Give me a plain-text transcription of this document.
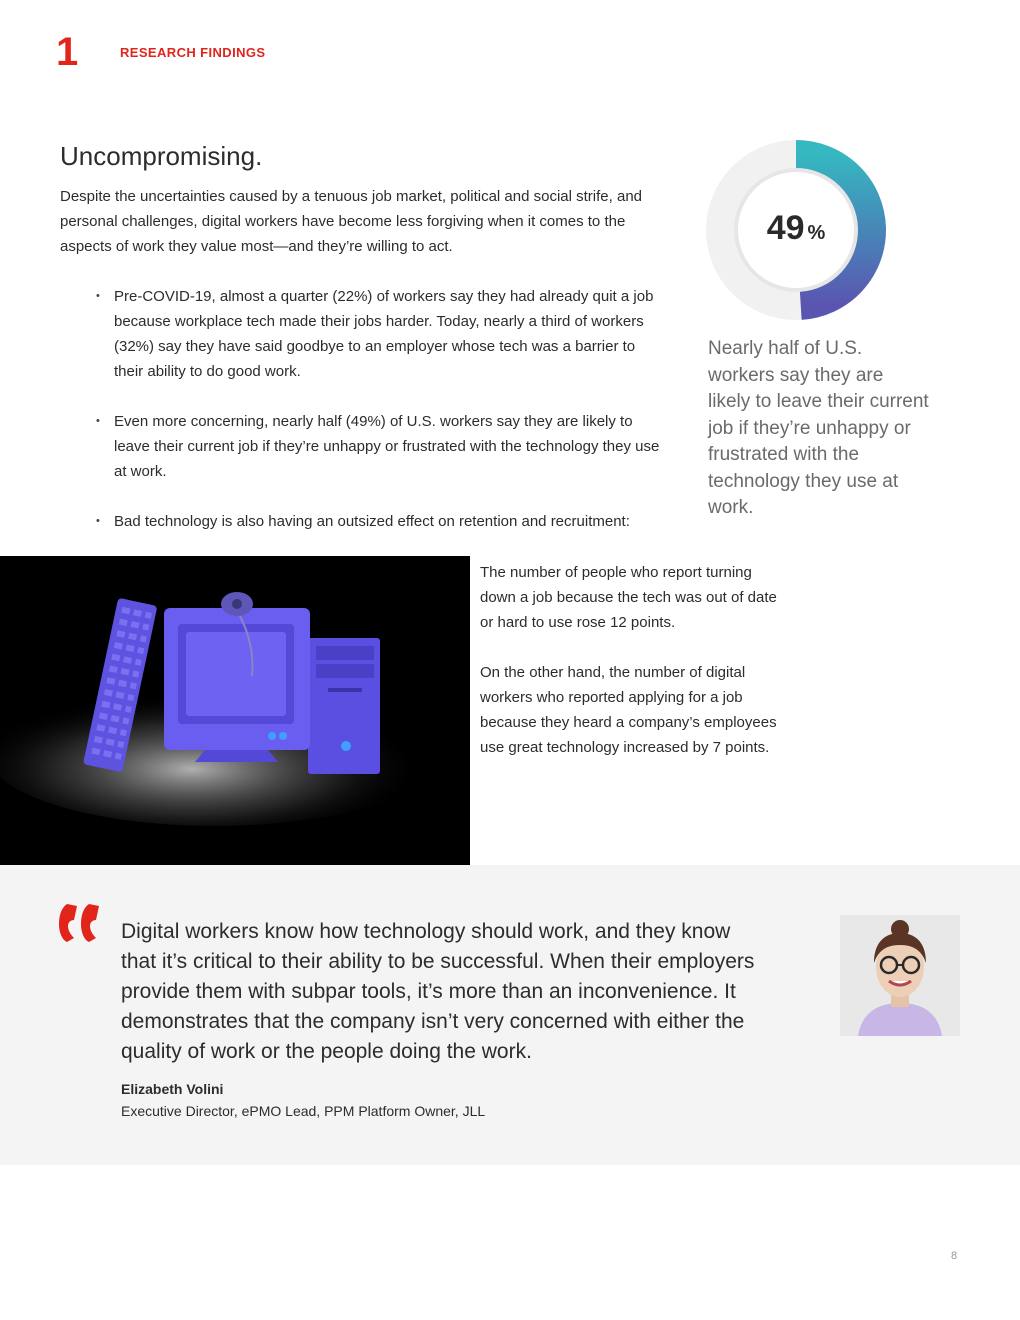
1	RESEARCH FINDINGS
Uncompromising.

Despite the uncertainties caused by a tenuous job market, political and social strife, and personal challenges, digital workers have become less forgiving when it comes to the aspects of work they value most—and they’re willing to act.

• Pre-COVID-19, almost a quarter (22%) of workers say they had already quit a job because workplace tech made their jobs harder. Today, nearly a third of workers (32%) say they have said goodbye to an employer whose tech was a barrier to their ability to do good work.
• Even more concerning, nearly half (49%) of U.S. workers say they are likely to leave their current job if they’re unhappy or frustrated with the technology they use at work.
• Bad technology is also having an outsized effect on retention and recruitment:
49 %

Nearly half of U.S. workers say they are likely to leave their current job if they’re unhappy or frustrated with the technology they use at work.

The number of people who report turning down a job because the tech was out of date or hard to use rose 12 points.

On the other hand, the number of digital workers who reported applying for a job because they heard a company’s employees use great technology increased by 7 points.

Digital workers know how technology should work, and they know that it’s critical to their ability to be successful. When their employers provide them with subpar tools, it’s more than an inconvenience. It demonstrates that the company isn’t very concerned with either the quality of work or the people doing the work.

Elizabeth Volini
Executive Director, ePMO Lead, PPM Platform Owner, JLL
8
